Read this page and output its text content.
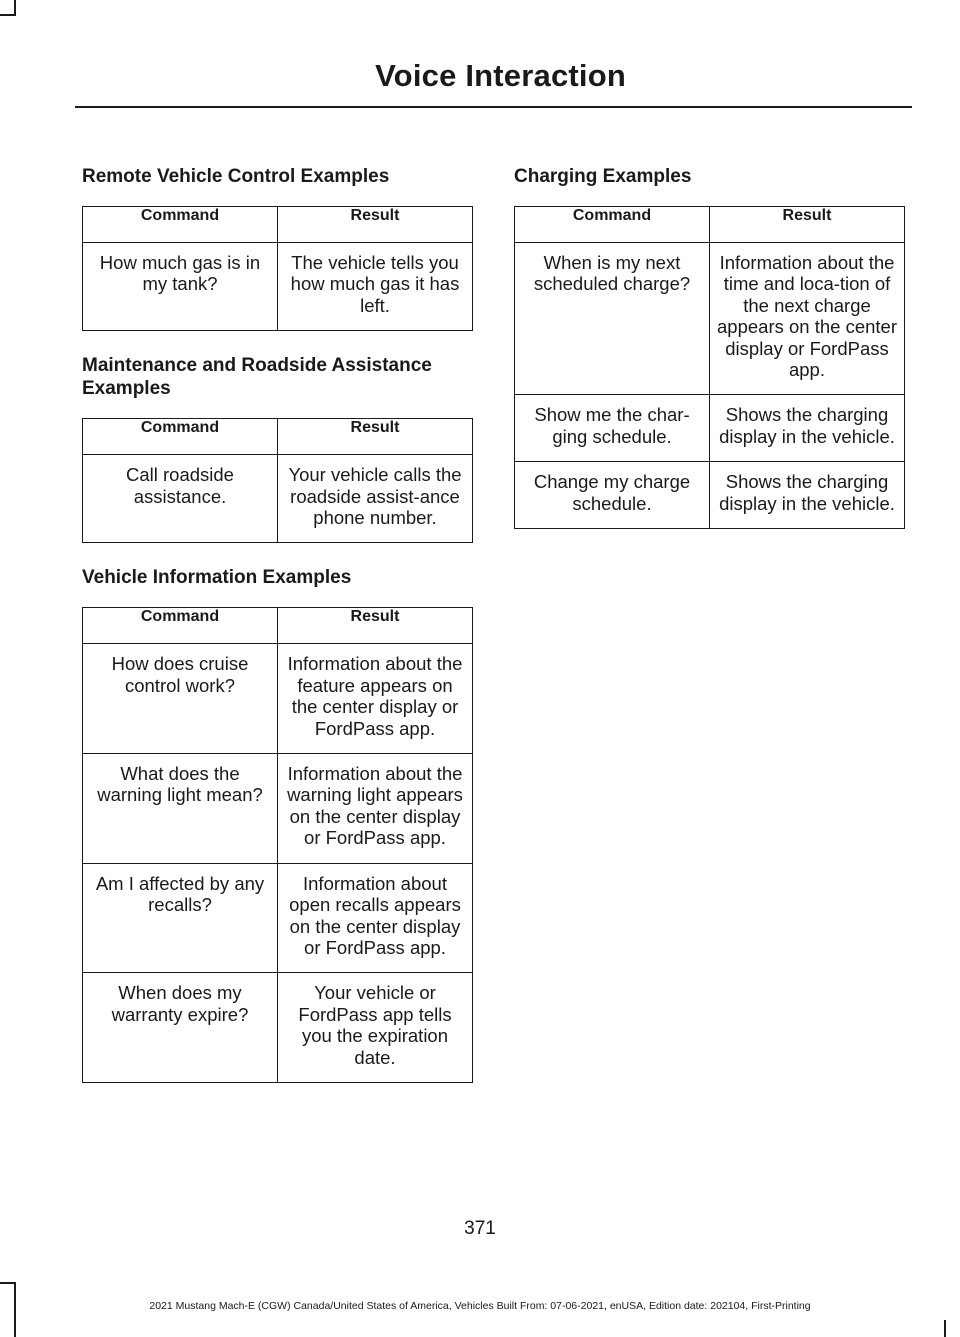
Voice Interaction
Remote Vehicle Control Examples
Command	Result
How much gas is in my tank?	The vehicle tells you how much gas it has left.
Maintenance and Roadside Assistance Examples
Command	Result
Call roadside assistance.	Your vehicle calls the roadside assist-ance phone number.
Vehicle Information Examples
Command	Result
How does cruise control work?	Information about the feature appears on the center display or FordPass app.
What does the warning light mean?	Information about the warning light appears on the center display or FordPass app.
Am I affected by any recalls?	Information about open recalls appears on the center display or FordPass app.
When does my warranty expire?	Your vehicle or FordPass app tells you the expiration date.
Charging Examples
Command	Result
When is my next scheduled charge?	Information about the time and loca-tion of the next charge appears on the center display or FordPass app.
Show me the char-ging schedule.	Shows the charging display in the vehicle.
Change my charge schedule.	Shows the charging display in the vehicle.
371
2021 Mustang Mach-E (CGW) Canada/United States of America, Vehicles Built From: 07-06-2021, enUSA, Edition date: 202104, First-Printing
